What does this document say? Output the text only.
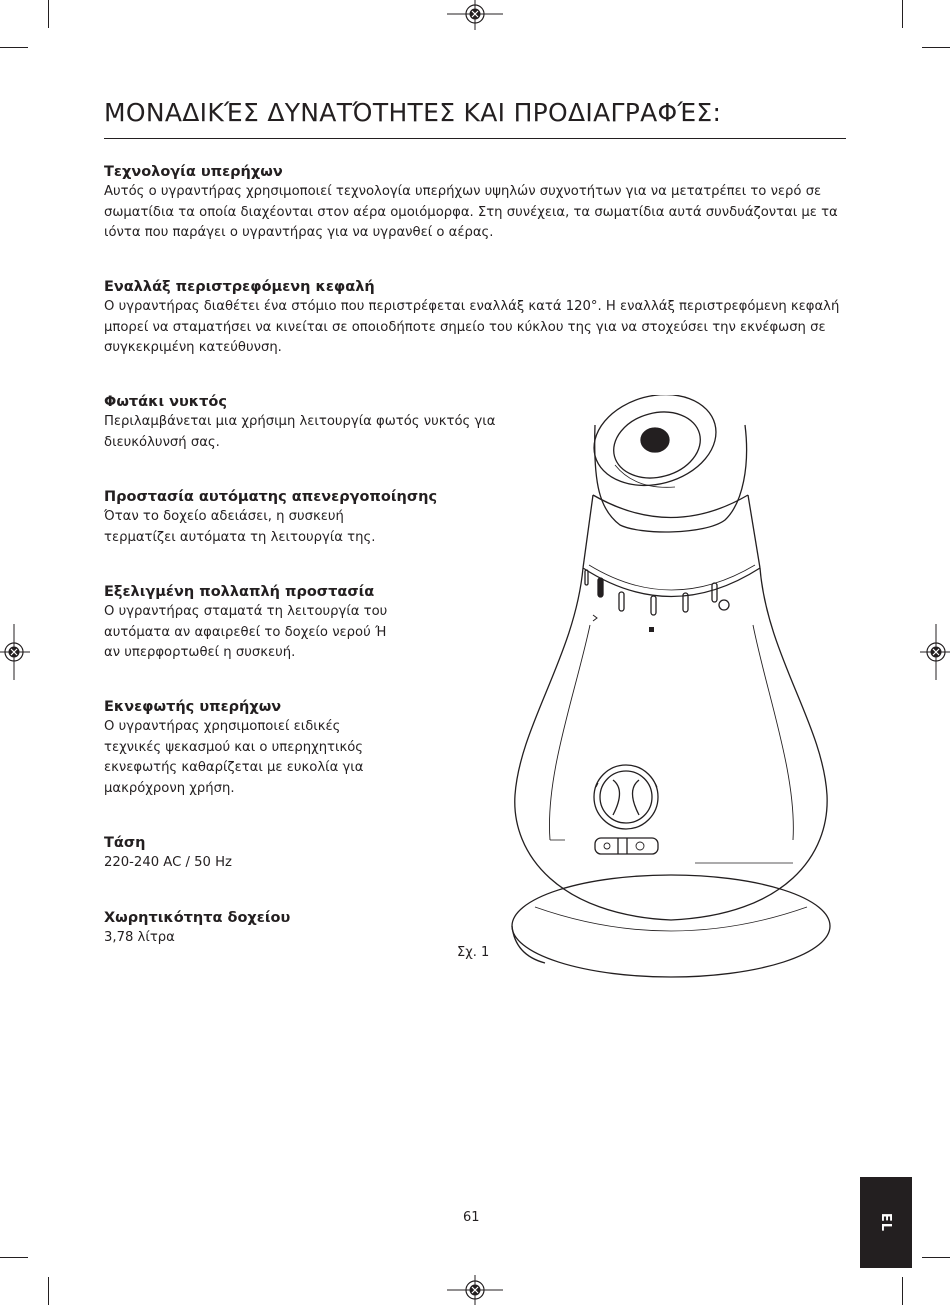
ΜΟΝΑΔΙΚΈΣ ΔΥΝΑΤΌΤΗΤΕΣ ΚΑΙ ΠΡΟΔΙΑΓΡΑΦΈΣ:
Τεχνολογία υπερήχων

Αυτός ο υγραντήρας χρησιμοποιεί τεχνολογία υπερήχων υψηλών συχνοτήτων για να μετατρέπει το νερό σε σωματίδια τα οποία διαχέονται στον αέρα ομοιόμορφα. Στη συνέχεια, τα σωματίδια αυτά συνδυάζονται με τα ιόντα που παράγει ο υγραντήρας για να υγρανθεί ο αέρας.

Εναλλάξ περιστρεφόμενη κεφαλή

Ο υγραντήρας διαθέτει ένα στόμιο που περιστρέφεται εναλλάξ κατά 120°. Η εναλλάξ περιστρεφόμενη κεφαλή μπορεί να σταματήσει να κινείται σε οποιοδήποτε σημείο του κύκλου της για να στοχεύσει την εκνέφωση σε συγκεκριμένη κατεύθυνση.

Φωτάκι νυκτός

Περιλαμβάνεται μια χρήσιμη λειτουργία φωτός νυκτός για διευκόλυνσή σας.

Προστασία αυτόματης απενεργοποίησης

Όταν το δοχείο αδειάσει, η συσκευή τερματίζει αυτόματα τη λειτουργία της.

Εξελιγμένη πολλαπλή προστασία

Ο υγραντήρας σταματά τη λειτουργία του αυτόματα αν αφαιρεθεί το δοχείο νερού Ή αν υπερφορτωθεί η συσκευή.

Εκνεφωτής υπερήχων

Ο υγραντήρας χρησιμοποιεί ειδικές τεχνικές ψεκασμού και ο υπερηχητικός εκνεφωτής καθαρίζεται με ευκολία για μακρόχρονη χρήση.

Τάση

220-240 AC / 50 Hz

Χωρητικότητα δοχείου

3,78 λίτρα

Σχ. 1
61	EL
